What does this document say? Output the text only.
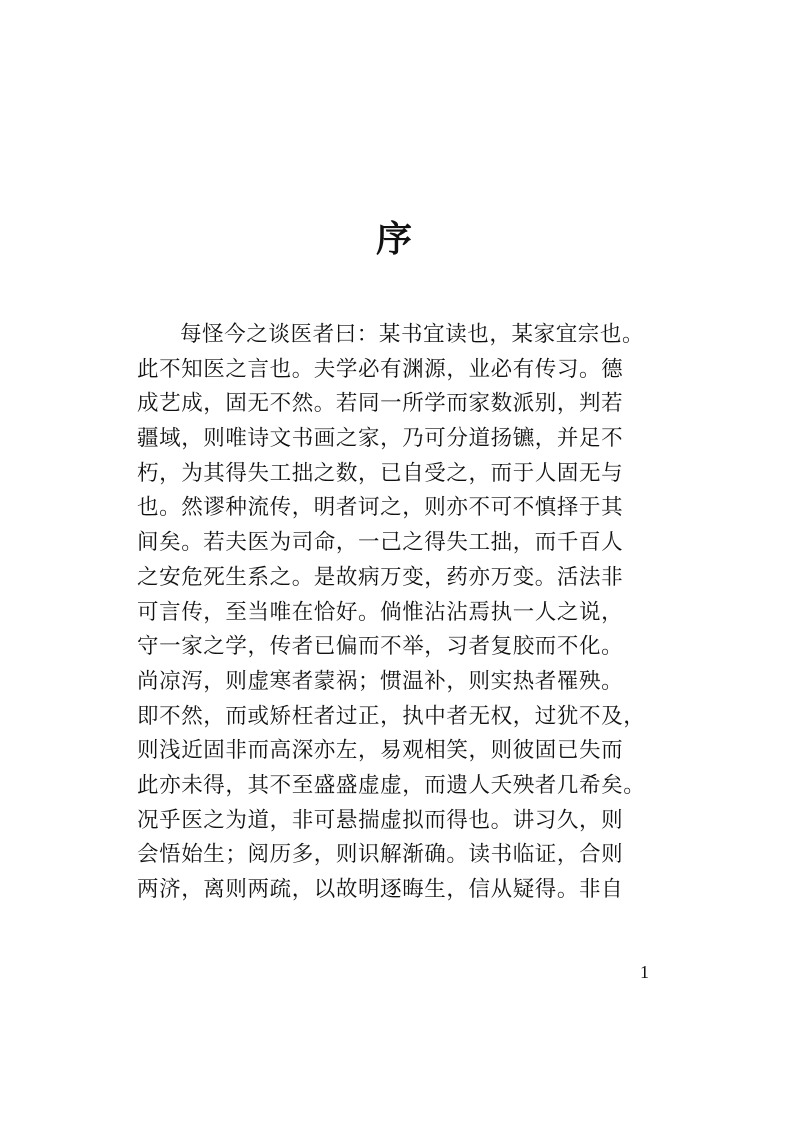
序
每怪今之谈医者曰：某书宜读也，某家宜宗也。
此不知医之言也。夫学必有渊源，业必有传习。德
成艺成，固无不然。若同一所学而家数派别，判若
疆域，则唯诗文书画之家，乃可分道扬镳，并足不
朽，为其得失工拙之数，已自受之，而于人固无与
也。然谬种流传，明者诃之，则亦不可不慎择于其
间矣。若夫医为司命，一己之得失工拙，而千百人
之安危死生系之。是故病万变，药亦万变。活法非
可言传，至当唯在恰好。倘惟沾沾焉执一人之说，
守一家之学，传者已偏而不举，习者复胶而不化。
尚凉泻，则虚寒者蒙祸；惯温补，则实热者罹殃。
即不然，而或矫枉者过正，执中者无权，过犹不及，
则浅近固非而高深亦左，易观相笑，则彼固已失而
此亦未得，其不至盛盛虚虚，而遗人夭殃者几希矣。
况乎医之为道，非可悬揣虚拟而得也。讲习久，则
会悟始生；阅历多，则识解渐确。读书临证，合则
两济，离则两疏，以故明逐晦生，信从疑得。非自
1
